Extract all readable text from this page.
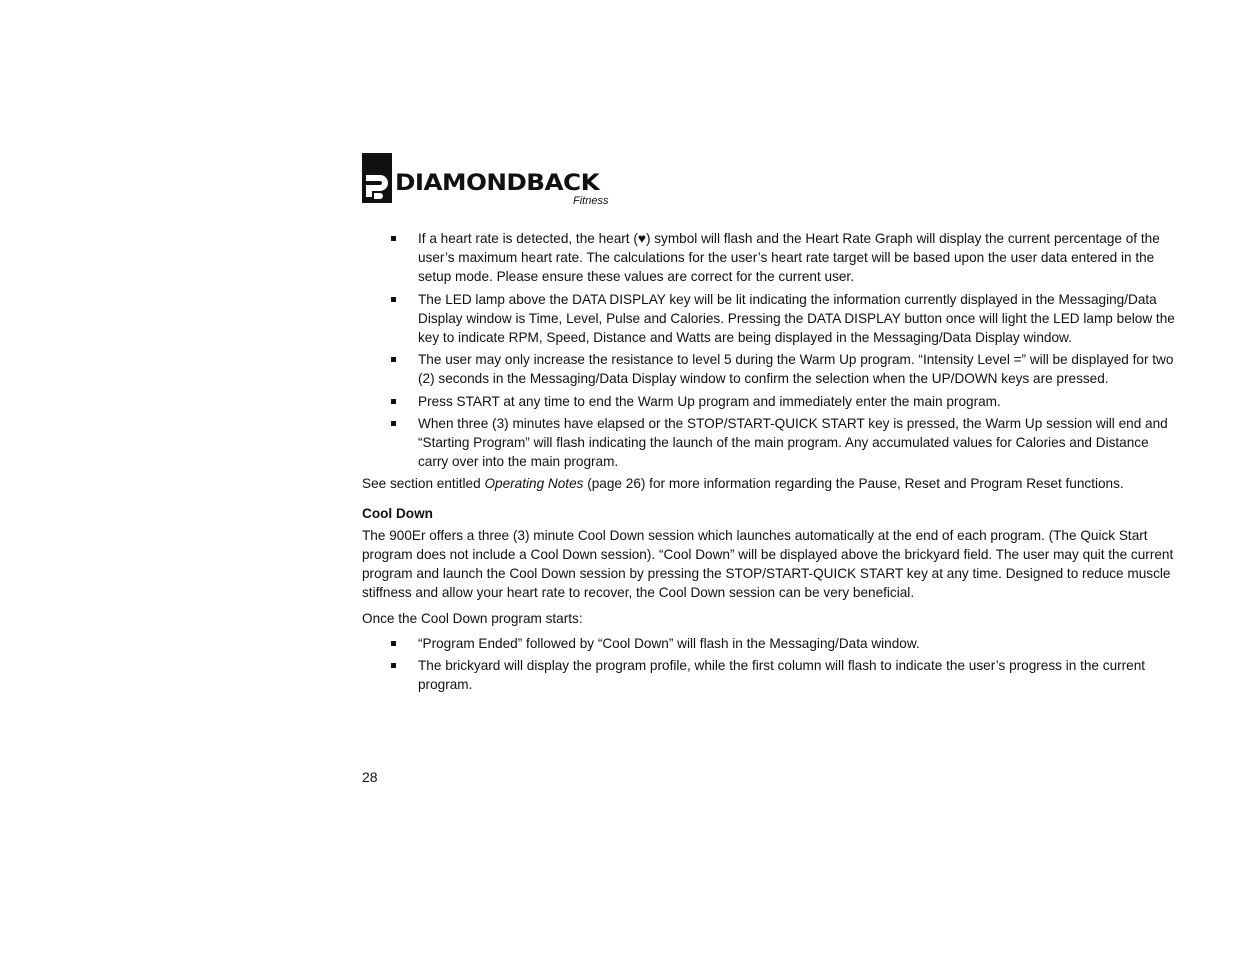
DIAMONDBACK
Fitness
If a heart rate is detected, the heart (♥) symbol will flash and the Heart Rate Graph will display the current percentage of the user’s maximum heart rate. The calculations for the user’s heart rate target will be based upon the user data entered in the setup mode. Please ensure these values are correct for the current user.
The LED lamp above the DATA DISPLAY key will be lit indicating the information currently displayed in the Messaging/Data Display window is Time, Level, Pulse and Calories. Pressing the DATA DISPLAY button once will light the LED lamp below the key to indicate RPM, Speed, Distance and Watts are being displayed in the Messaging/Data Display window.
The user may only increase the resistance to level 5 during the Warm Up program. “Intensity Level =” will be displayed for two (2) seconds in the Messaging/Data Display window to confirm the selection when the UP/DOWN keys are pressed.
Press START at any time to end the Warm Up program and immediately enter the main program.
When three (3) minutes have elapsed or the STOP/START-QUICK START key is pressed, the Warm Up session will end and “Starting Program” will flash indicating the launch of the main program. Any accumulated values for Calories and Distance carry over into the main program.

See section entitled Operating Notes (page 26) for more information regarding the Pause, Reset and Program Reset functions.

Cool Down

The 900Er offers a three (3) minute Cool Down session which launches automatically at the end of each program. (The Quick Start program does not include a Cool Down session). “Cool Down” will be displayed above the brickyard field. The user may quit the current program and launch the Cool Down session by pressing the STOP/START-QUICK START key at any time. Designed to reduce muscle stiffness and allow your heart rate to recover, the Cool Down session can be very beneficial.

Once the Cool Down program starts:

“Program Ended” followed by “Cool Down” will flash in the Messaging/Data window.
The brickyard will display the program profile, while the first column will flash to indicate the user’s progress in the current program.
28
